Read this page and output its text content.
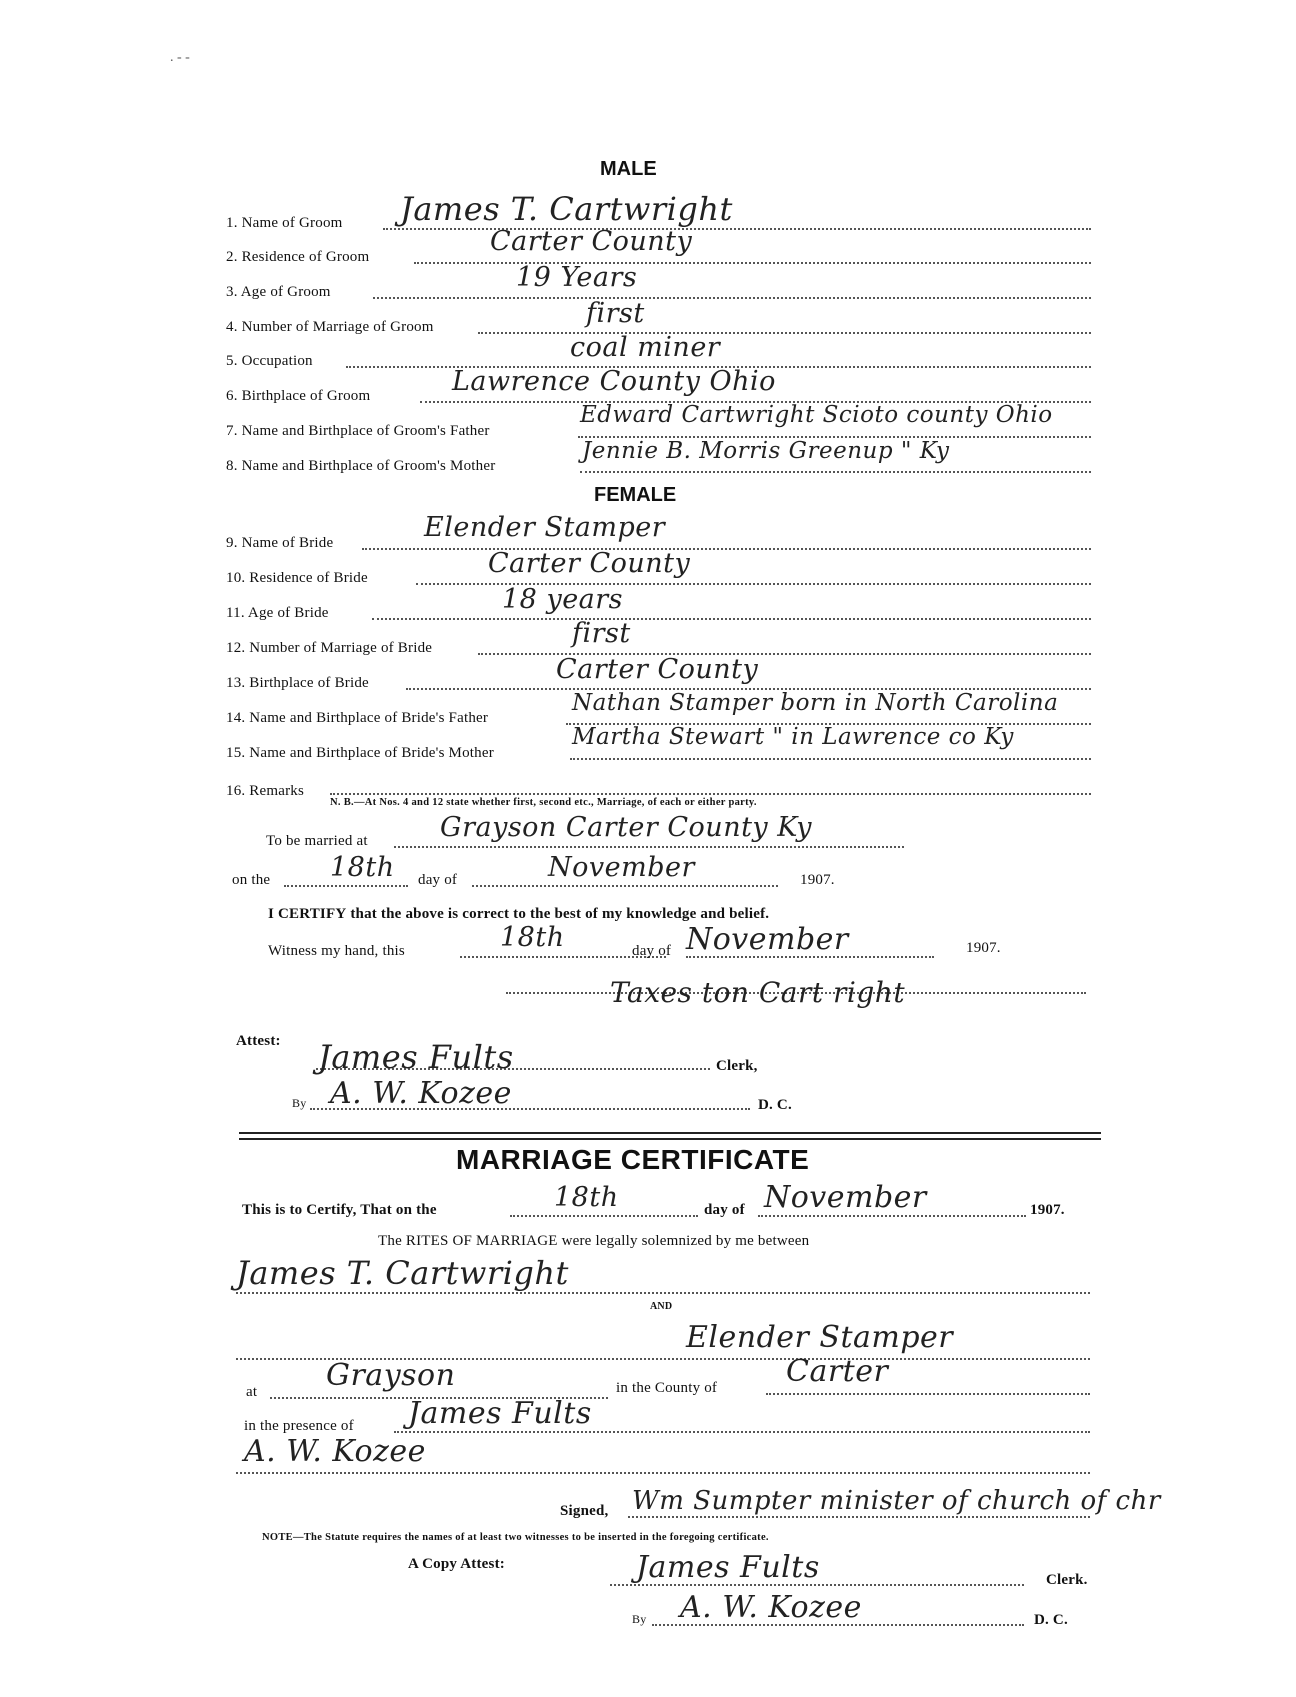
. - -
MALE
1. Name of Groom James T. Cartwright
2. Residence of Groom	Carter County
3. Age of Groom	19 Years
4. Number of Marriage of Groom	first
5. Occupation	coal miner
6. Birthplace of Groom	Lawrence County Ohio
7. Name and Birthplace of Groom's Father
Edward Cartwright Scioto county Ohio
8. Name and Birthplace of Groom's Mother
Jennie B. Morris Greenup " Ky
FEMALE
9. Name of Bride	Elender Stamper
10. Residence of Bride	Carter County
11. Age of Bride	18 years
12. Number of Marriage of Bride	first
13. Birthplace of Bride	Carter County
14. Name and Birthplace of Bride's Father
Nathan Stamper born in North Carolina
15. Name and Birthplace of Bride's Mother
Martha Stewart " in Lawrence co Ky
16. Remarks
N. B.—At Nos. 4 and 12 state whether first, second etc., Marriage, of each or either party.
To be married at	Grayson Carter County Ky
on the 18th day of	November	1907.
I CERTIFY that the above is correct to the best of my knowledge and belief.
Witness my hand, this	18th	day of November	1907.
Taxes ton Cart right
Attest: James Fults	Clerk,
By A. W. Kozee	D. C.
MARRIAGE CERTIFICATE
This is to Certify, That on the	18th	day of November	1907.
The RITES OF MARRIAGE were legally solemnized by me between
James T. Cartwright
AND
Elender Stamper
at Grayson	in the County of Carter
in the presence of James Fults
A. W. Kozee
Signed, Wm Sumpter minister of church of chr
NOTE—The Statute requires the names of at least two witnesses to be inserted in the foregoing certificate.
A Copy Attest:	James Fults	Clerk.
By A. W. Kozee	D. C.
